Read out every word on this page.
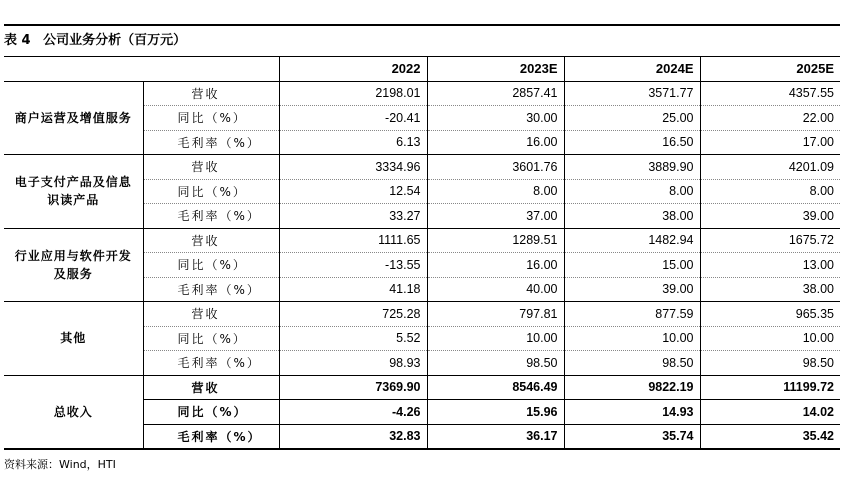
表 4 公司业务分析（百万元）
		2022	2023E	2024E	2025E
商户运营及增值服务	营收	2198.01	2857.41	3571.77	4357.55
	同比（%）	-20.41	30.00	25.00	22.00
	毛利率（%）	6.13	16.00	16.50	17.00
电子支付产品及信息识读产品	营收	3334.96	3601.76	3889.90	4201.09
	同比（%）	12.54	8.00	8.00	8.00
	毛利率（%）	33.27	37.00	38.00	39.00
行业应用与软件开发及服务	营收	1111.65	1289.51	1482.94	1675.72
	同比（%）	-13.55	16.00	15.00	13.00
	毛利率（%）	41.18	40.00	39.00	38.00
其他	营收	725.28	797.81	877.59	965.35
	同比（%）	5.52	10.00	10.00	10.00
	毛利率（%）	98.93	98.50	98.50	98.50
总收入	营收	7369.90	8546.49	9822.19	11199.72
	同比（%）	-4.26	15.96	14.93	14.02
	毛利率（%）	32.83	36.17	35.74	35.42
资料来源：Wind，HTI
